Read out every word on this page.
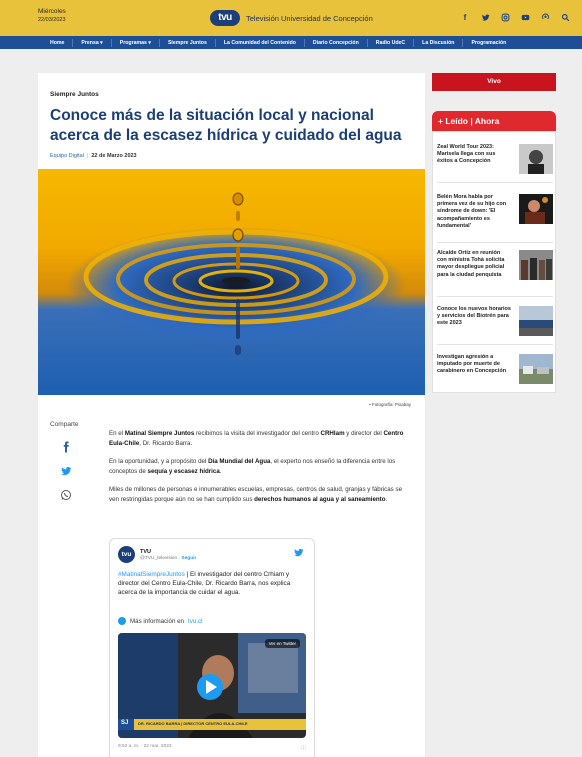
Miércoles
22/03/2023	tvu	Televisión Universidad de Concepción	f
Home	Prensa ▾	Programas ▾	Siempre Juntos	La Comunidad del Contenido	Diario Concepción	Radio UdeC	La Discusión	Programación
Siempre Juntos
Conoce más de la situación local y nacional acerca de la escasez hídrica y cuidado del agua
Equipo Digital | 22 de Marzo 2023
• Fotografía: Pixabay
Comparte

En el Matinal Siempre Juntos recibimos la visita del investigador del centro CRHIam y director del Centro Eula-Chile, Dr. Ricardo Barra.

En la oportunidad, y a propósito del Día Mundial del Agua, el experto nos enseñó la diferencia entre los conceptos de sequía y escasez hídrica.

Miles de millones de personas e innumerables escuelas, empresas, centros de salud, granjas y fábricas se ven restringidas porque aún no se han cumplido sus derechos humanos al agua y al saneamiento.

tvu	TVU
@TVU_television · Seguir
#MatinalSiempreJuntos | El investigador del centro Crhiam y director del Centro Eula-Chile, Dr. Ricardo Barra, nos explica acerca de la importancia de cuidar el agua.
Más información en tvu.cl
Ver en Twitter
SJ DR. RICARDO BARRA | DIRECTOR CENTRO EULA-CHILE
9:52 a. m. · 22 mar. 2023	ⓘ
Vivo
+ Leído | Ahora
Zeal World Tour 2023: Marisela llega con sus éxitos a Concepción
Belén Mora habla por primera vez de su hijo con síndrome de down: 'El acompañamiento es fundamental'
Alcalde Ortiz en reunión con ministra Tohá solicita mayor despliegue policial para la ciudad penquista
Conoce los nuevos horarios y servicios del Biotrén para este 2023
Investigan agresión a imputado por muerte de carabinero en Concepción
